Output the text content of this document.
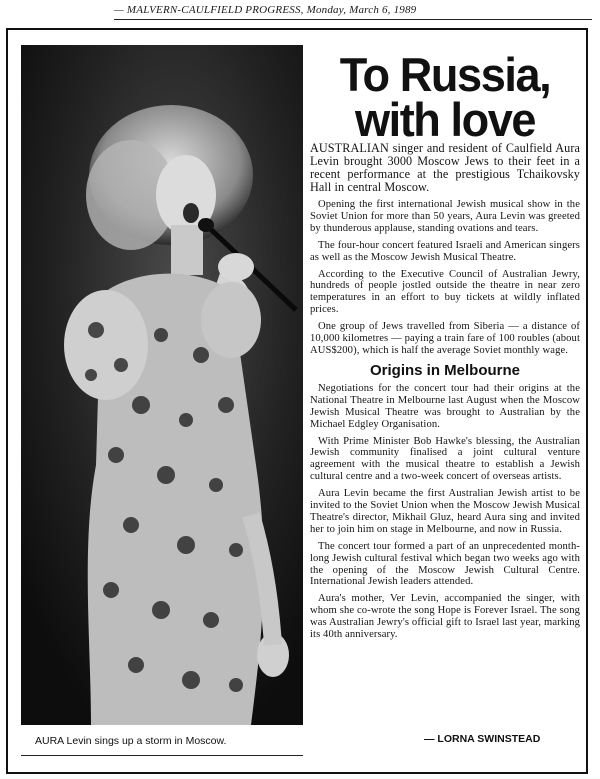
— MALVERN-CAULFIELD PROGRESS, Monday, March 6, 1989
AURA Levin sings up a storm in Moscow.
To Russia,
with love

AUSTRALIAN singer and resident of Caulfield Aura Levin brought 3000 Moscow Jews to their feet in a recent performance at the prestigious Tchaikovsky Hall in central Moscow.

Opening the first international Jewish musical show in the Soviet Union for more than 50 years, Aura Levin was greeted by thunderous applause, standing ovations and tears.

The four-hour concert featured Israeli and American singers as well as the Moscow Jewish Musical Theatre.

According to the Executive Council of Australian Jewry, hundreds of people jostled outside the theatre in near zero temperatures in an effort to buy tickets at wildly inflated prices.

One group of Jews travelled from Siberia — a distance of 10,000 kilometres — paying a train fare of 100 roubles (about AUS$200), which is half the average Soviet monthly wage.

Origins in Melbourne

Negotiations for the concert tour had their origins at the National Theatre in Melbourne last August when the Moscow Jewish Musical Theatre was brought to Australian by the Michael Edgley Organisation.

With Prime Minister Bob Hawke's blessing, the Australian Jewish community finalised a joint cultural venture agreement with the musical theatre to establish a Jewish cultural centre and a two-week concert of overseas artists.

Aura Levin became the first Australian Jewish artist to be invited to the Soviet Union when the Moscow Jewish Musical Theatre's director, Mikhail Gluz, heard Aura sing and invited her to join him on stage in Melbourne, and now in Russia.

The concert tour formed a part of an unprecedented month-long Jewish cultural festival which began two weeks ago with the opening of the Moscow Jewish Cultural Centre. International Jewish leaders attended.

Aura's mother, Ver Levin, accompanied the singer, with whom she co-wrote the song Hope is Forever Israel. The song was Australian Jewry's official gift to Israel last year, marking its 40th anniversary.

— LORNA SWINSTEAD
